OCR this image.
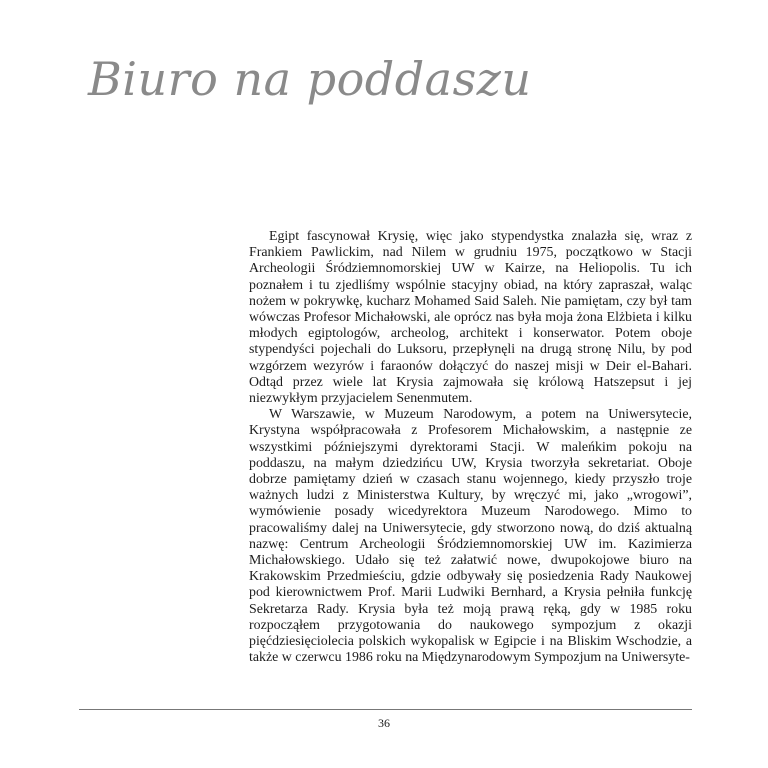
Biuro na poddaszu

Egipt fascynował Krysię, więc jako stypendystka znalazła się, wraz z Frankiem Pawlickim, nad Nilem w grudniu 1975, początkowo w Stacji Archeologii Śródziemnomorskiej UW w Kairze, na Heliopolis. Tu ich poznałem i tu zjedliśmy wspólnie stacyjny obiad, na który zapraszał, waląc nożem w pokrywkę, kucharz Mohamed Said Saleh. Nie pamiętam, czy był tam wówczas Profesor Michałowski, ale oprócz nas była moja żona Elżbieta i kilku młodych egiptologów, archeolog, architekt i konserwator. Potem oboje stypendyści pojechali do Luksoru, przepłynęli na drugą stronę Nilu, by pod wzgórzem wezyrów i faraonów dołączyć do naszej misji w Deir el-Bahari. Odtąd przez wiele lat Krysia zajmowała się królową Hatszepsut i jej niezwykłym przyjacielem Senenmutem.

W Warszawie, w Muzeum Narodowym, a potem na Uniwersytecie, Krystyna współpracowała z Profesorem Michałowskim, a następnie ze wszystkimi późniejszymi dyrektorami Stacji. W maleńkim pokoju na poddaszu, na małym dziedzińcu UW, Krysia tworzyła sekretariat. Oboje dobrze pamiętamy dzień w czasach stanu wojennego, kiedy przyszło troje ważnych ludzi z Ministerstwa Kultury, by wręczyć mi, jako „wrogowi”, wymówienie posady wicedyrektora Muzeum Narodowego. Mimo to pracowaliśmy dalej na Uniwersytecie, gdy stworzono nową, do dziś aktualną nazwę: Centrum Archeologii Śródziemnomorskiej UW im. Kazimierza Michałowskiego. Udało się też załatwić nowe, dwupokojowe biuro na Krakowskim Przedmieściu, gdzie odbywały się posiedzenia Rady Naukowej pod kierownictwem Prof. Marii Ludwiki Bernhard, a Krysia pełniła funkcję Sekretarza Rady. Krysia była też moją prawą ręką, gdy w 1985 roku rozpocząłem przygotowania do naukowego sympozjum z okazji pięćdziesięciolecia polskich wykopalisk w Egipcie i na Bliskim Wschodzie, a także w czerwcu 1986 roku na Międzynarodowym Sympozjum na Uniwersyte-

36
